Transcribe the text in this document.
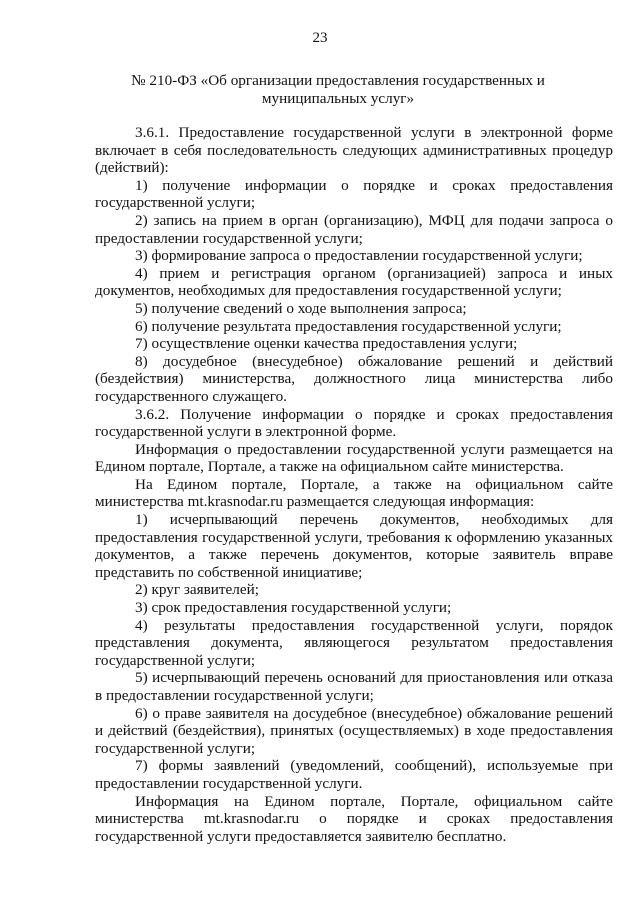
23
№ 210-ФЗ «Об организации предоставления государственных и муниципальных услуг»

3.6.1. Предоставление государственной услуги в электронной форме включает в себя последовательность следующих административных процедур (действий):

1) получение информации о порядке и сроках предоставления государственной услуги;

2) запись на прием в орган (организацию), МФЦ для подачи запроса о предоставлении государственной услуги;

3) формирование запроса о предоставлении государственной услуги;

4) прием и регистрация органом (организацией) запроса и иных документов, необходимых для предоставления государственной услуги;

5) получение сведений о ходе выполнения запроса;

6) получение результата предоставления государственной услуги;

7) осуществление оценки качества предоставления услуги;

8) досудебное (внесудебное) обжалование решений и действий (бездействия) министерства, должностного лица министерства либо государственного служащего.

3.6.2. Получение информации о порядке и сроках предоставления государственной услуги в электронной форме.

Информация о предоставлении государственной услуги размещается на Едином портале, Портале, а также на официальном сайте министерства.

На Едином портале, Портале, а также на официальном сайте министерства mt.krasnodar.ru размещается следующая информация:

1) исчерпывающий перечень документов, необходимых для предоставления государственной услуги, требования к оформлению указанных документов, а также перечень документов, которые заявитель вправе представить по собственной инициативе;

2) круг заявителей;

3) срок предоставления государственной услуги;

4) результаты предоставления государственной услуги, порядок представления документа, являющегося результатом предоставления государственной услуги;

5) исчерпывающий перечень оснований для приостановления или отказа в предоставлении государственной услуги;

6) о праве заявителя на досудебное (внесудебное) обжалование решений и действий (бездействия), принятых (осуществляемых) в ходе предоставления государственной услуги;

7) формы заявлений (уведомлений, сообщений), используемые при предоставлении государственной услуги.

Информация на Едином портале, Портале, официальном сайте министерства mt.krasnodar.ru о порядке и сроках предоставления государственной услуги предоставляется заявителю бесплатно.
